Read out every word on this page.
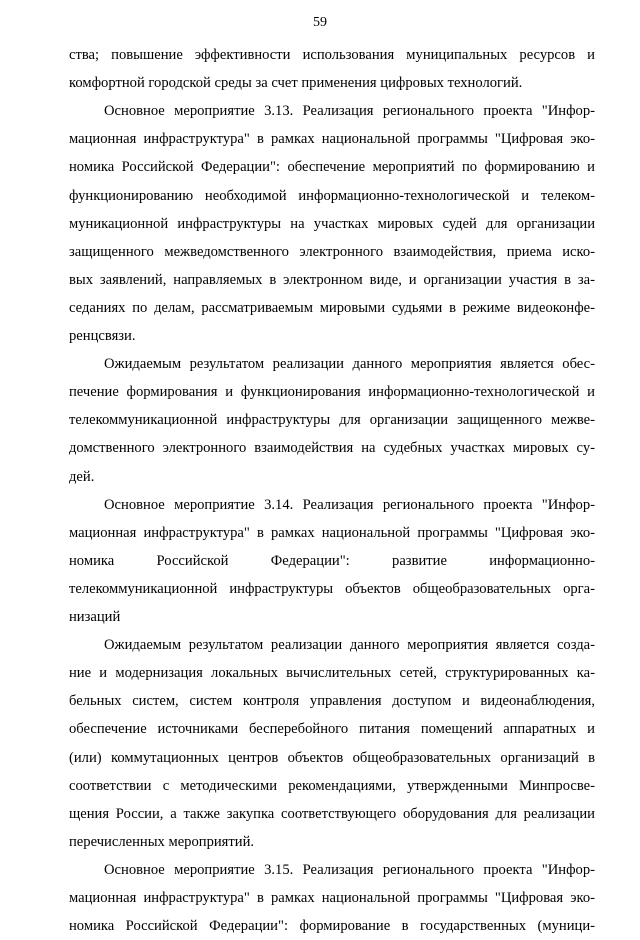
59
ства; повышение эффективности использования муниципальных ресурсов и
комфортной городской среды за счет применения цифровых технологий.
Основное мероприятие 3.13. Реализация регионального проекта "Инфор-
мационная инфраструктура" в рамках национальной программы "Цифровая эко-
номика Российской Федерации": обеспечение мероприятий по формированию и
функционированию необходимой информационно-технологической и телеком-
муникационной инфраструктуры на участках мировых судей для организации
защищенного межведомственного электронного взаимодействия, приема иско-
вых заявлений, направляемых в электронном виде, и организации участия в за-
седаниях по делам, рассматриваемым мировыми судьями в режиме видеоконфе-
ренцсвязи.
Ожидаемым результатом реализации данного мероприятия является обес-
печение формирования и функционирования информационно-технологической и
телекоммуникационной инфраструктуры для организации защищенного межве-
домственного электронного взаимодействия на судебных участках мировых су-
дей.
Основное мероприятие 3.14. Реализация регионального проекта "Инфор-
мационная инфраструктура" в рамках национальной программы "Цифровая эко-
номика Российской Федерации": развитие информационно-
телекоммуникационной инфраструктуры объектов общеобразовательных орга-
низаций
Ожидаемым результатом реализации данного мероприятия является созда-
ние и модернизация локальных вычислительных сетей, структурированных ка-
бельных систем, систем контроля управления доступом и видеонаблюдения,
обеспечение источниками бесперебойного питания помещений аппаратных и
(или) коммутационных центров объектов общеобразовательных организаций в
соответствии с методическими рекомендациями, утвержденными Минпросве-
щения России, а также закупка соответствующего оборудования для реализации
перечисленных мероприятий.
Основное мероприятие 3.15. Реализация регионального проекта "Инфор-
мационная инфраструктура" в рамках национальной программы "Цифровая эко-
номика Российской Федерации": формирование в государственных (муници-
